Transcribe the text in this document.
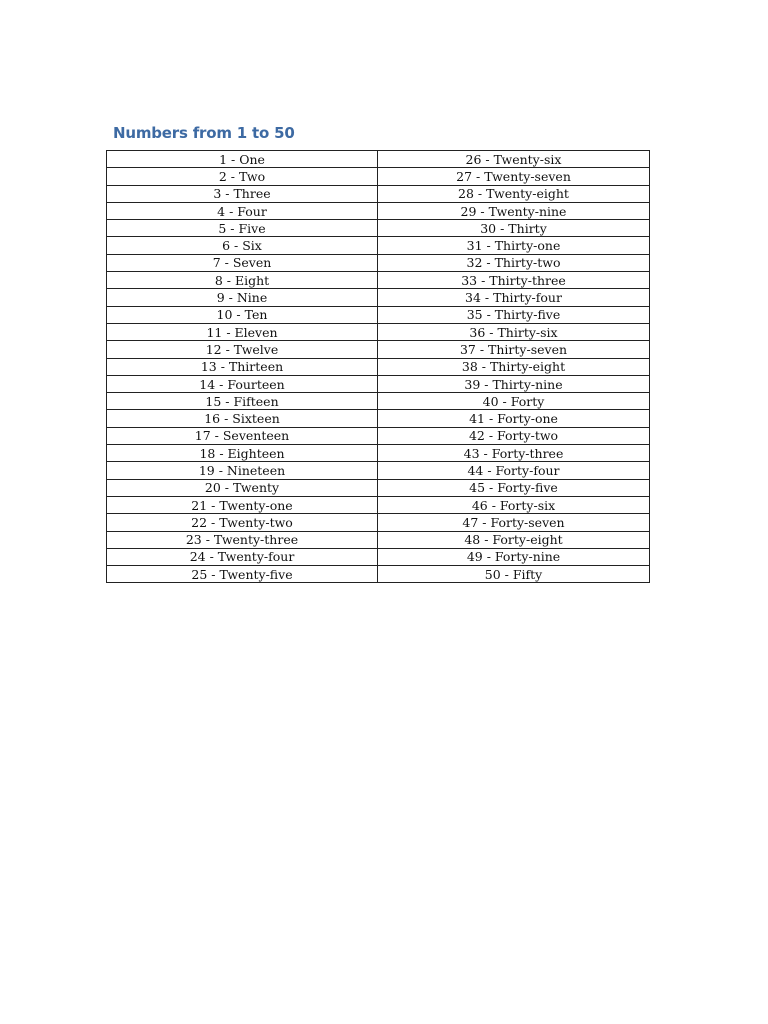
Numbers from 1 to 50
1 - One	26 - Twenty-six
2 - Two	27 - Twenty-seven
3 - Three	28 - Twenty-eight
4 - Four	29 - Twenty-nine
5 - Five	30 - Thirty
6 - Six	31 - Thirty-one
7 - Seven	32 - Thirty-two
8 - Eight	33 - Thirty-three
9 - Nine	34 - Thirty-four
10 - Ten	35 - Thirty-five
11 - Eleven	36 - Thirty-six
12 - Twelve	37 - Thirty-seven
13 - Thirteen	38 - Thirty-eight
14 - Fourteen	39 - Thirty-nine
15 - Fifteen	40 - Forty
16 - Sixteen	41 - Forty-one
17 - Seventeen	42 - Forty-two
18 - Eighteen	43 - Forty-three
19 - Nineteen	44 - Forty-four
20 - Twenty	45 - Forty-five
21 - Twenty-one	46 - Forty-six
22 - Twenty-two	47 - Forty-seven
23 - Twenty-three	48 - Forty-eight
24 - Twenty-four	49 - Forty-nine
25 - Twenty-five	50 - Fifty
